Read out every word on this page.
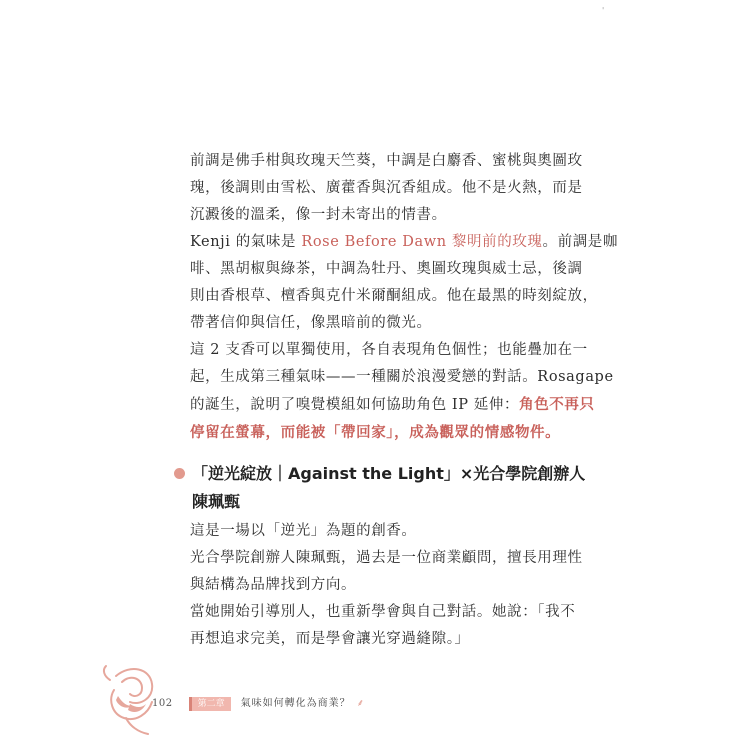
'
前調是佛手柑與玫瑰天竺葵，中調是白麝香、蜜桃與奧圖玫
瑰，後調則由雪松、廣藿香與沉香組成。他不是火熱，而是
沉澱後的溫柔，像一封未寄出的情書。
Kenji 的氣味是 Rose Before Dawn 黎明前的玫瑰。前調是咖
啡、黑胡椒與綠茶，中調為牡丹、奧圖玫瑰與威士忌，後調
則由香根草、檀香與克什米爾酮組成。他在最黑的時刻綻放，
帶著信仰與信任，像黑暗前的微光。
這 2 支香可以單獨使用，各自表現角色個性；也能疊加在一
起，生成第三種氣味——一種關於浪漫愛戀的對話。Rosagape
的誕生，說明了嗅覺模組如何協助角色 IP 延伸：角色不再只
停留在螢幕，而能被「帶回家」，成為觀眾的情感物件。
「逆光綻放｜Against the Light」×光合學院創辦人
陳珮甄
這是一場以「逆光」為題的創香。
光合學院創辦人陳珮甄，過去是一位商業顧問，擅長用理性
與結構為品牌找到方向。
當她開始引導別人，也重新學會與自己對話。她說：「我不
再想追求完美，而是學會讓光穿過縫隙。」
102	第二章	氣味如何轉化為商業？ ⸙
